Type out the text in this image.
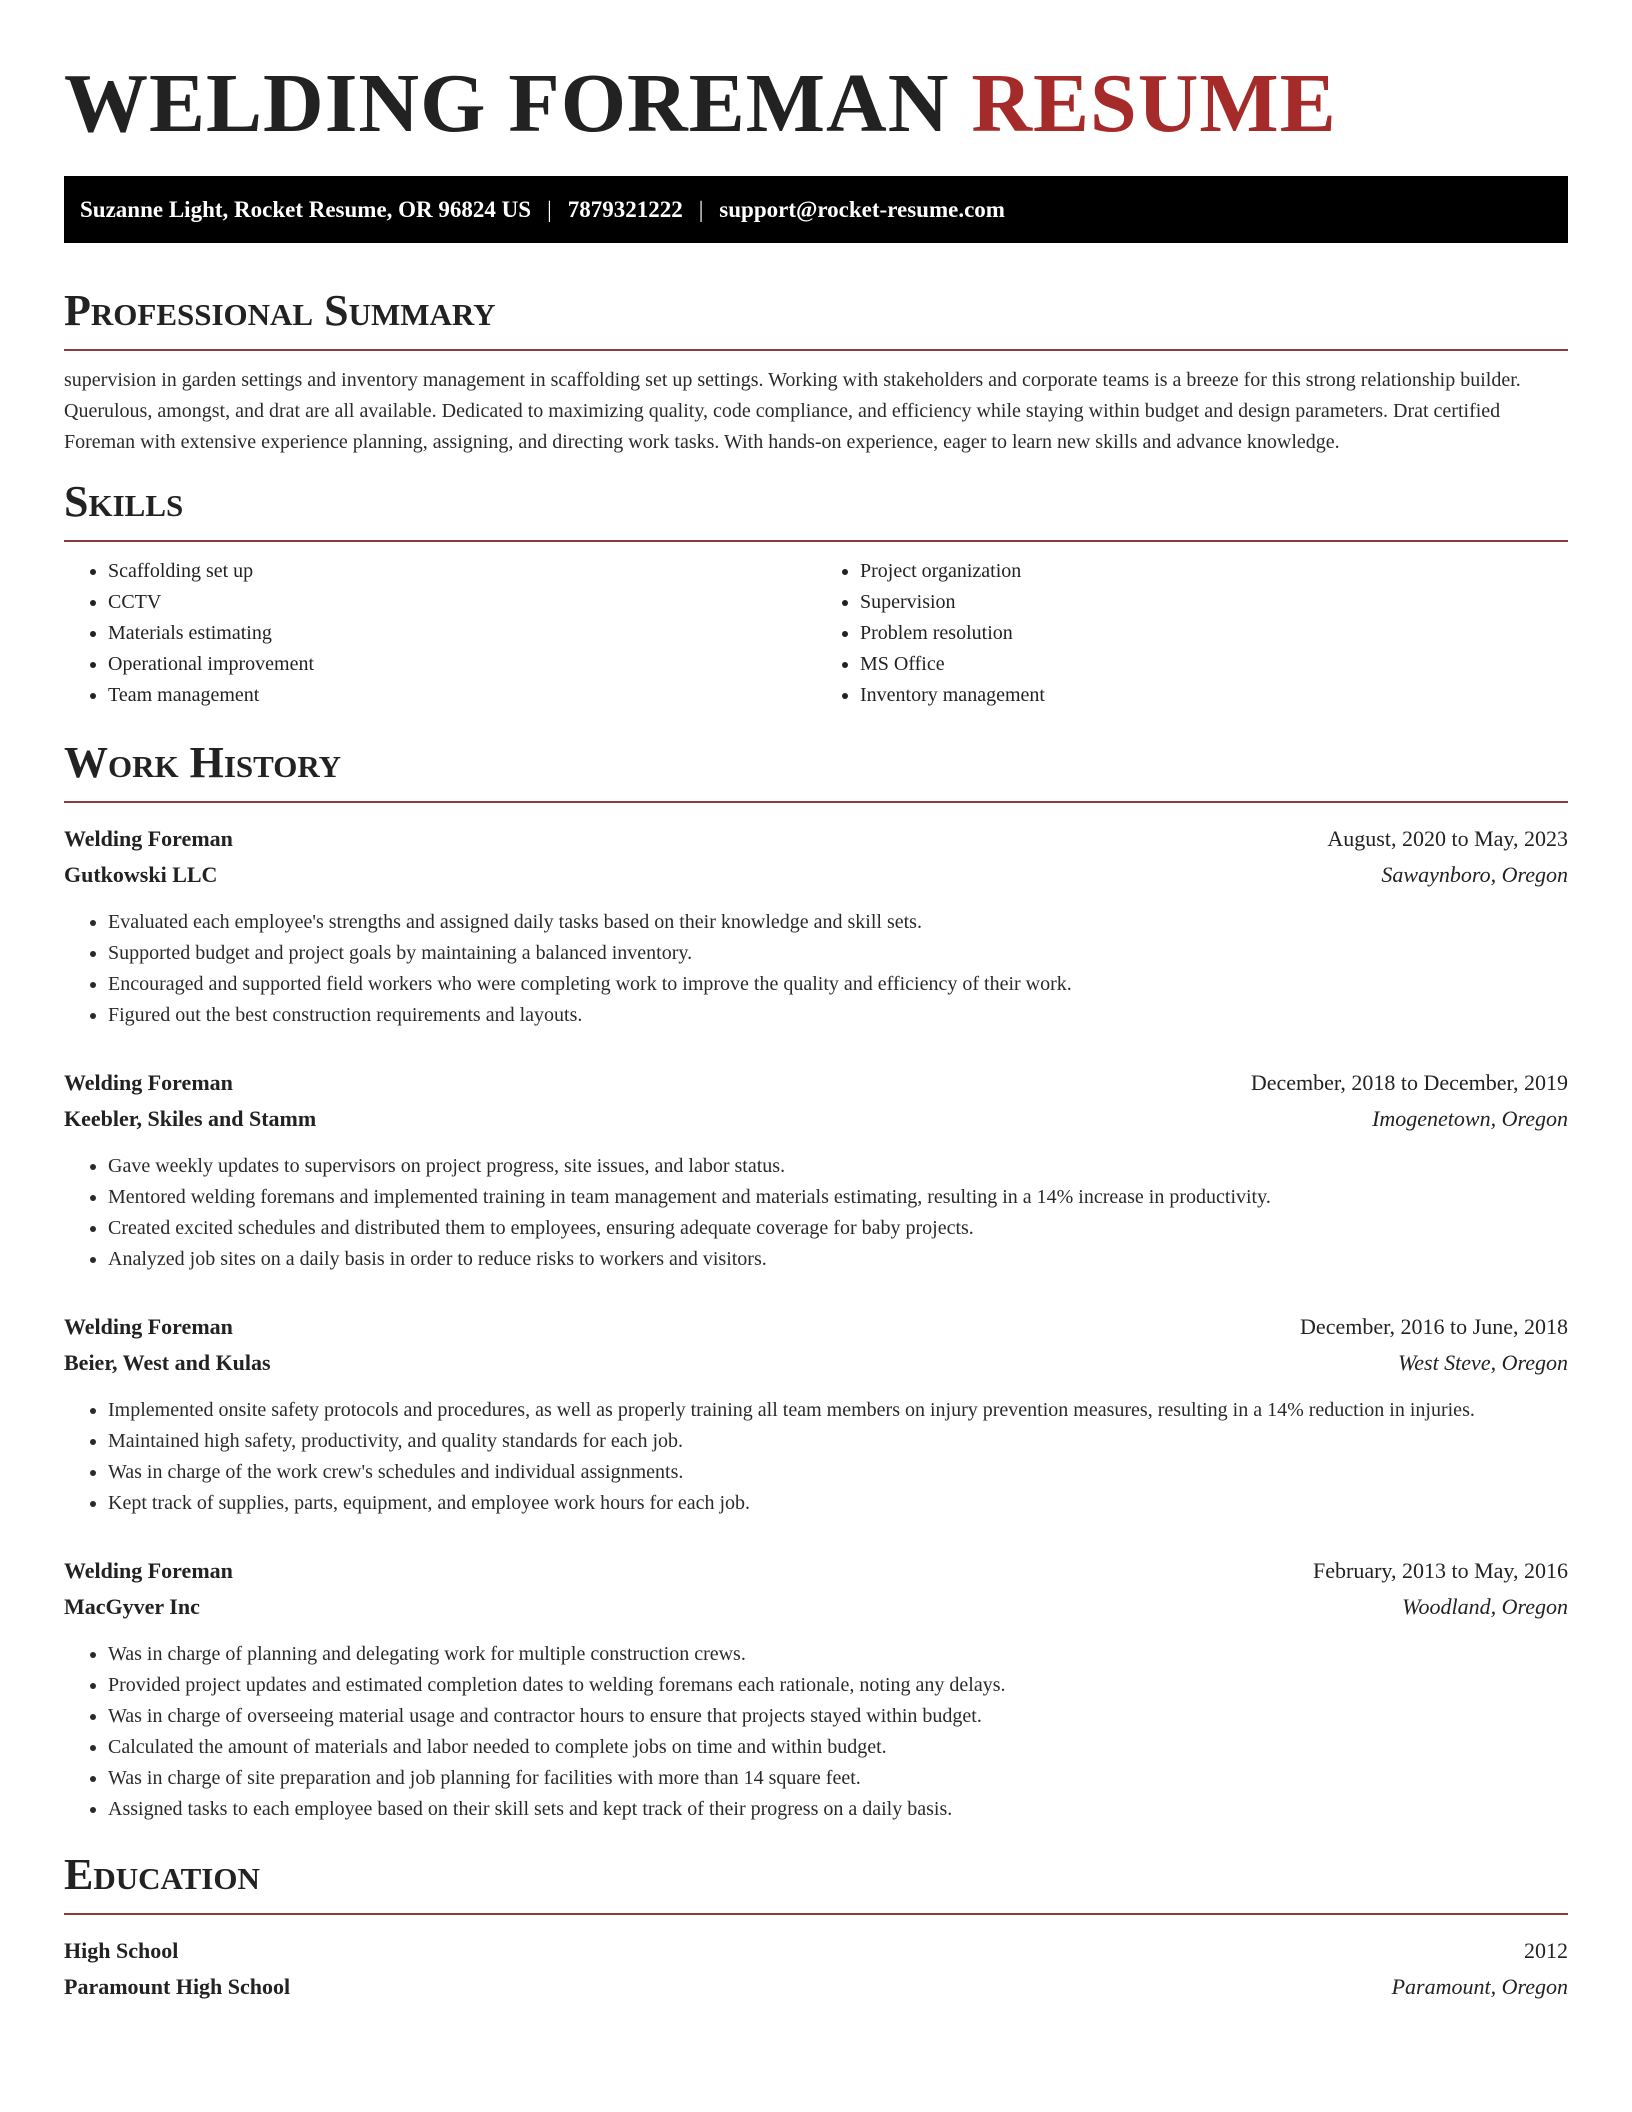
WELDING FOREMAN RESUME
Suzanne Light, Rocket Resume, OR 96824 US | 7879321222 | support@rocket-resume.com
Professional Summary

supervision in garden settings and inventory management in scaffolding set up settings. Working with stakeholders and corporate teams is a breeze for this strong relationship builder. Querulous, amongst, and drat are all available. Dedicated to maximizing quality, code compliance, and efficiency while staying within budget and design parameters. Drat certified Foreman with extensive experience planning, assigning, and directing work tasks. With hands-on experience, eager to learn new skills and advance knowledge.

Skills
• Scaffolding set up
• CCTV
• Materials estimating
• Operational improvement
• Team management
• Project organization
• Supervision
• Problem resolution
• MS Office
• Inventory management
Work History
Welding Foreman	August, 2020 to May, 2023
Gutkowski LLC	Sawaynboro, Oregon
• Evaluated each employee's strengths and assigned daily tasks based on their knowledge and skill sets.
• Supported budget and project goals by maintaining a balanced inventory.
• Encouraged and supported field workers who were completing work to improve the quality and efficiency of their work.
• Figured out the best construction requirements and layouts.
Welding Foreman	December, 2018 to December, 2019
Keebler, Skiles and Stamm	Imogenetown, Oregon
• Gave weekly updates to supervisors on project progress, site issues, and labor status.
• Mentored welding foremans and implemented training in team management and materials estimating, resulting in a 14% increase in productivity.
• Created excited schedules and distributed them to employees, ensuring adequate coverage for baby projects.
• Analyzed job sites on a daily basis in order to reduce risks to workers and visitors.
Welding Foreman	December, 2016 to June, 2018
Beier, West and Kulas	West Steve, Oregon
• Implemented onsite safety protocols and procedures, as well as properly training all team members on injury prevention measures, resulting in a 14% reduction in injuries.
• Maintained high safety, productivity, and quality standards for each job.
• Was in charge of the work crew's schedules and individual assignments.
• Kept track of supplies, parts, equipment, and employee work hours for each job.
Welding Foreman	February, 2013 to May, 2016
MacGyver Inc	Woodland, Oregon
• Was in charge of planning and delegating work for multiple construction crews.
• Provided project updates and estimated completion dates to welding foremans each rationale, noting any delays.
• Was in charge of overseeing material usage and contractor hours to ensure that projects stayed within budget.
• Calculated the amount of materials and labor needed to complete jobs on time and within budget.
• Was in charge of site preparation and job planning for facilities with more than 14 square feet.
• Assigned tasks to each employee based on their skill sets and kept track of their progress on a daily basis.
Education
High School	2012
Paramount High School	Paramount, Oregon
